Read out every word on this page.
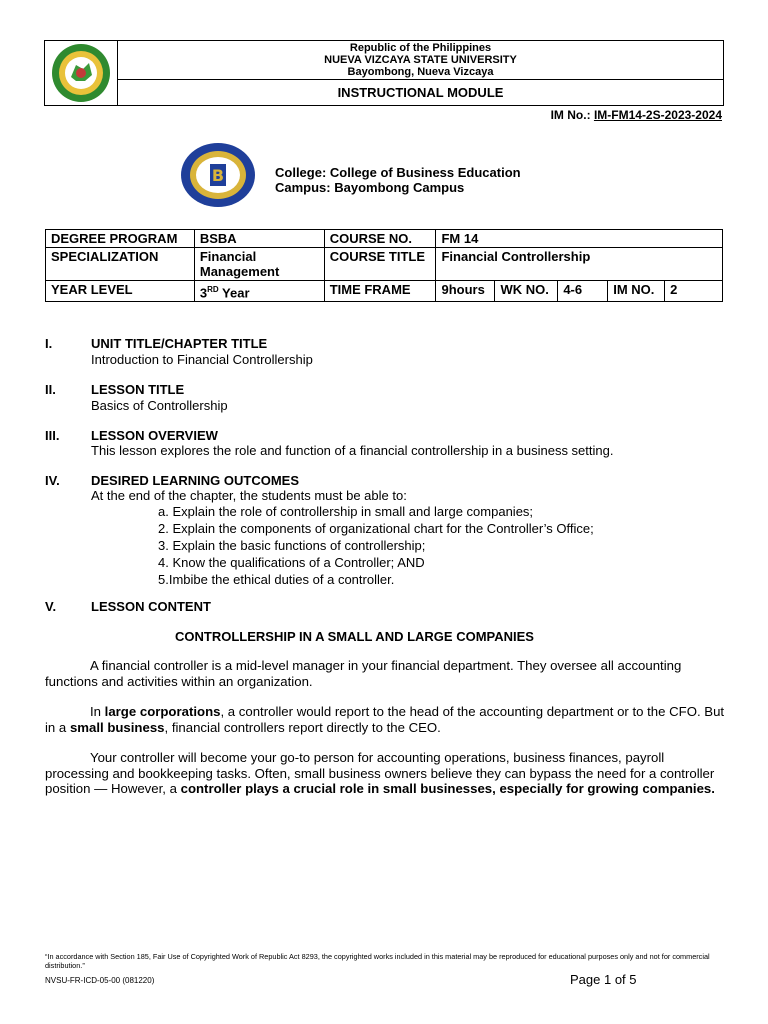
Republic of the Philippines
NUEVA VIZCAYA STATE UNIVERSITY
Bayombong, Nueva Vizcaya
INSTRUCTIONAL MODULE
IM No.: IM-FM14-2S-2023-2024
B	College: College of Business Education
Campus: Bayombong Campus
DEGREE PROGRAM	BSBA	COURSE NO.	FM 14				
SPECIALIZATION	Financial Management	COURSE TITLE	Financial Controllership				
YEAR LEVEL	3RD Year	TIME FRAME	9hours	WK NO.	4-6	IM NO.	2
I.	UNIT TITLE/CHAPTER TITLE
Introduction to Financial Controllership
II.	LESSON TITLE
Basics of Controllership
III. LESSON OVERVIEW
This lesson explores the role and function of a financial controllership in a business setting.
IV. DESIRED LEARNING OUTCOMES
At the end of the chapter, the students must be able to:
a. Explain the role of controllership in small and large companies;
2. Explain the components of organizational chart for the Controller’s Office;
3. Explain the basic functions of controllership;
4. Know the qualifications of a Controller; AND
5.Imbibe the ethical duties of a controller.
V.	LESSON CONTENT
CONTROLLERSHIP IN A SMALL AND LARGE COMPANIES
A financial controller is a mid-level manager in your financial department. They oversee all accounting functions and activities within an organization.
In large corporations, a controller would report to the head of the accounting department or to the CFO. But in a small business, financial controllers report directly to the CEO.
Your controller will become your go-to person for accounting operations, business finances, payroll processing and bookkeeping tasks. Often, small business owners believe they can bypass the need for a controller position — However, a controller plays a crucial role in small businesses, especially for growing companies.
“In accordance with Section 185, Fair Use of Copyrighted Work of Republic Act 8293, the copyrighted works included in this material may be reproduced for educational purposes only and not for commercial distribution.”
NVSU-FR-ICD-05-00 (081220)	Page 1 of 5
